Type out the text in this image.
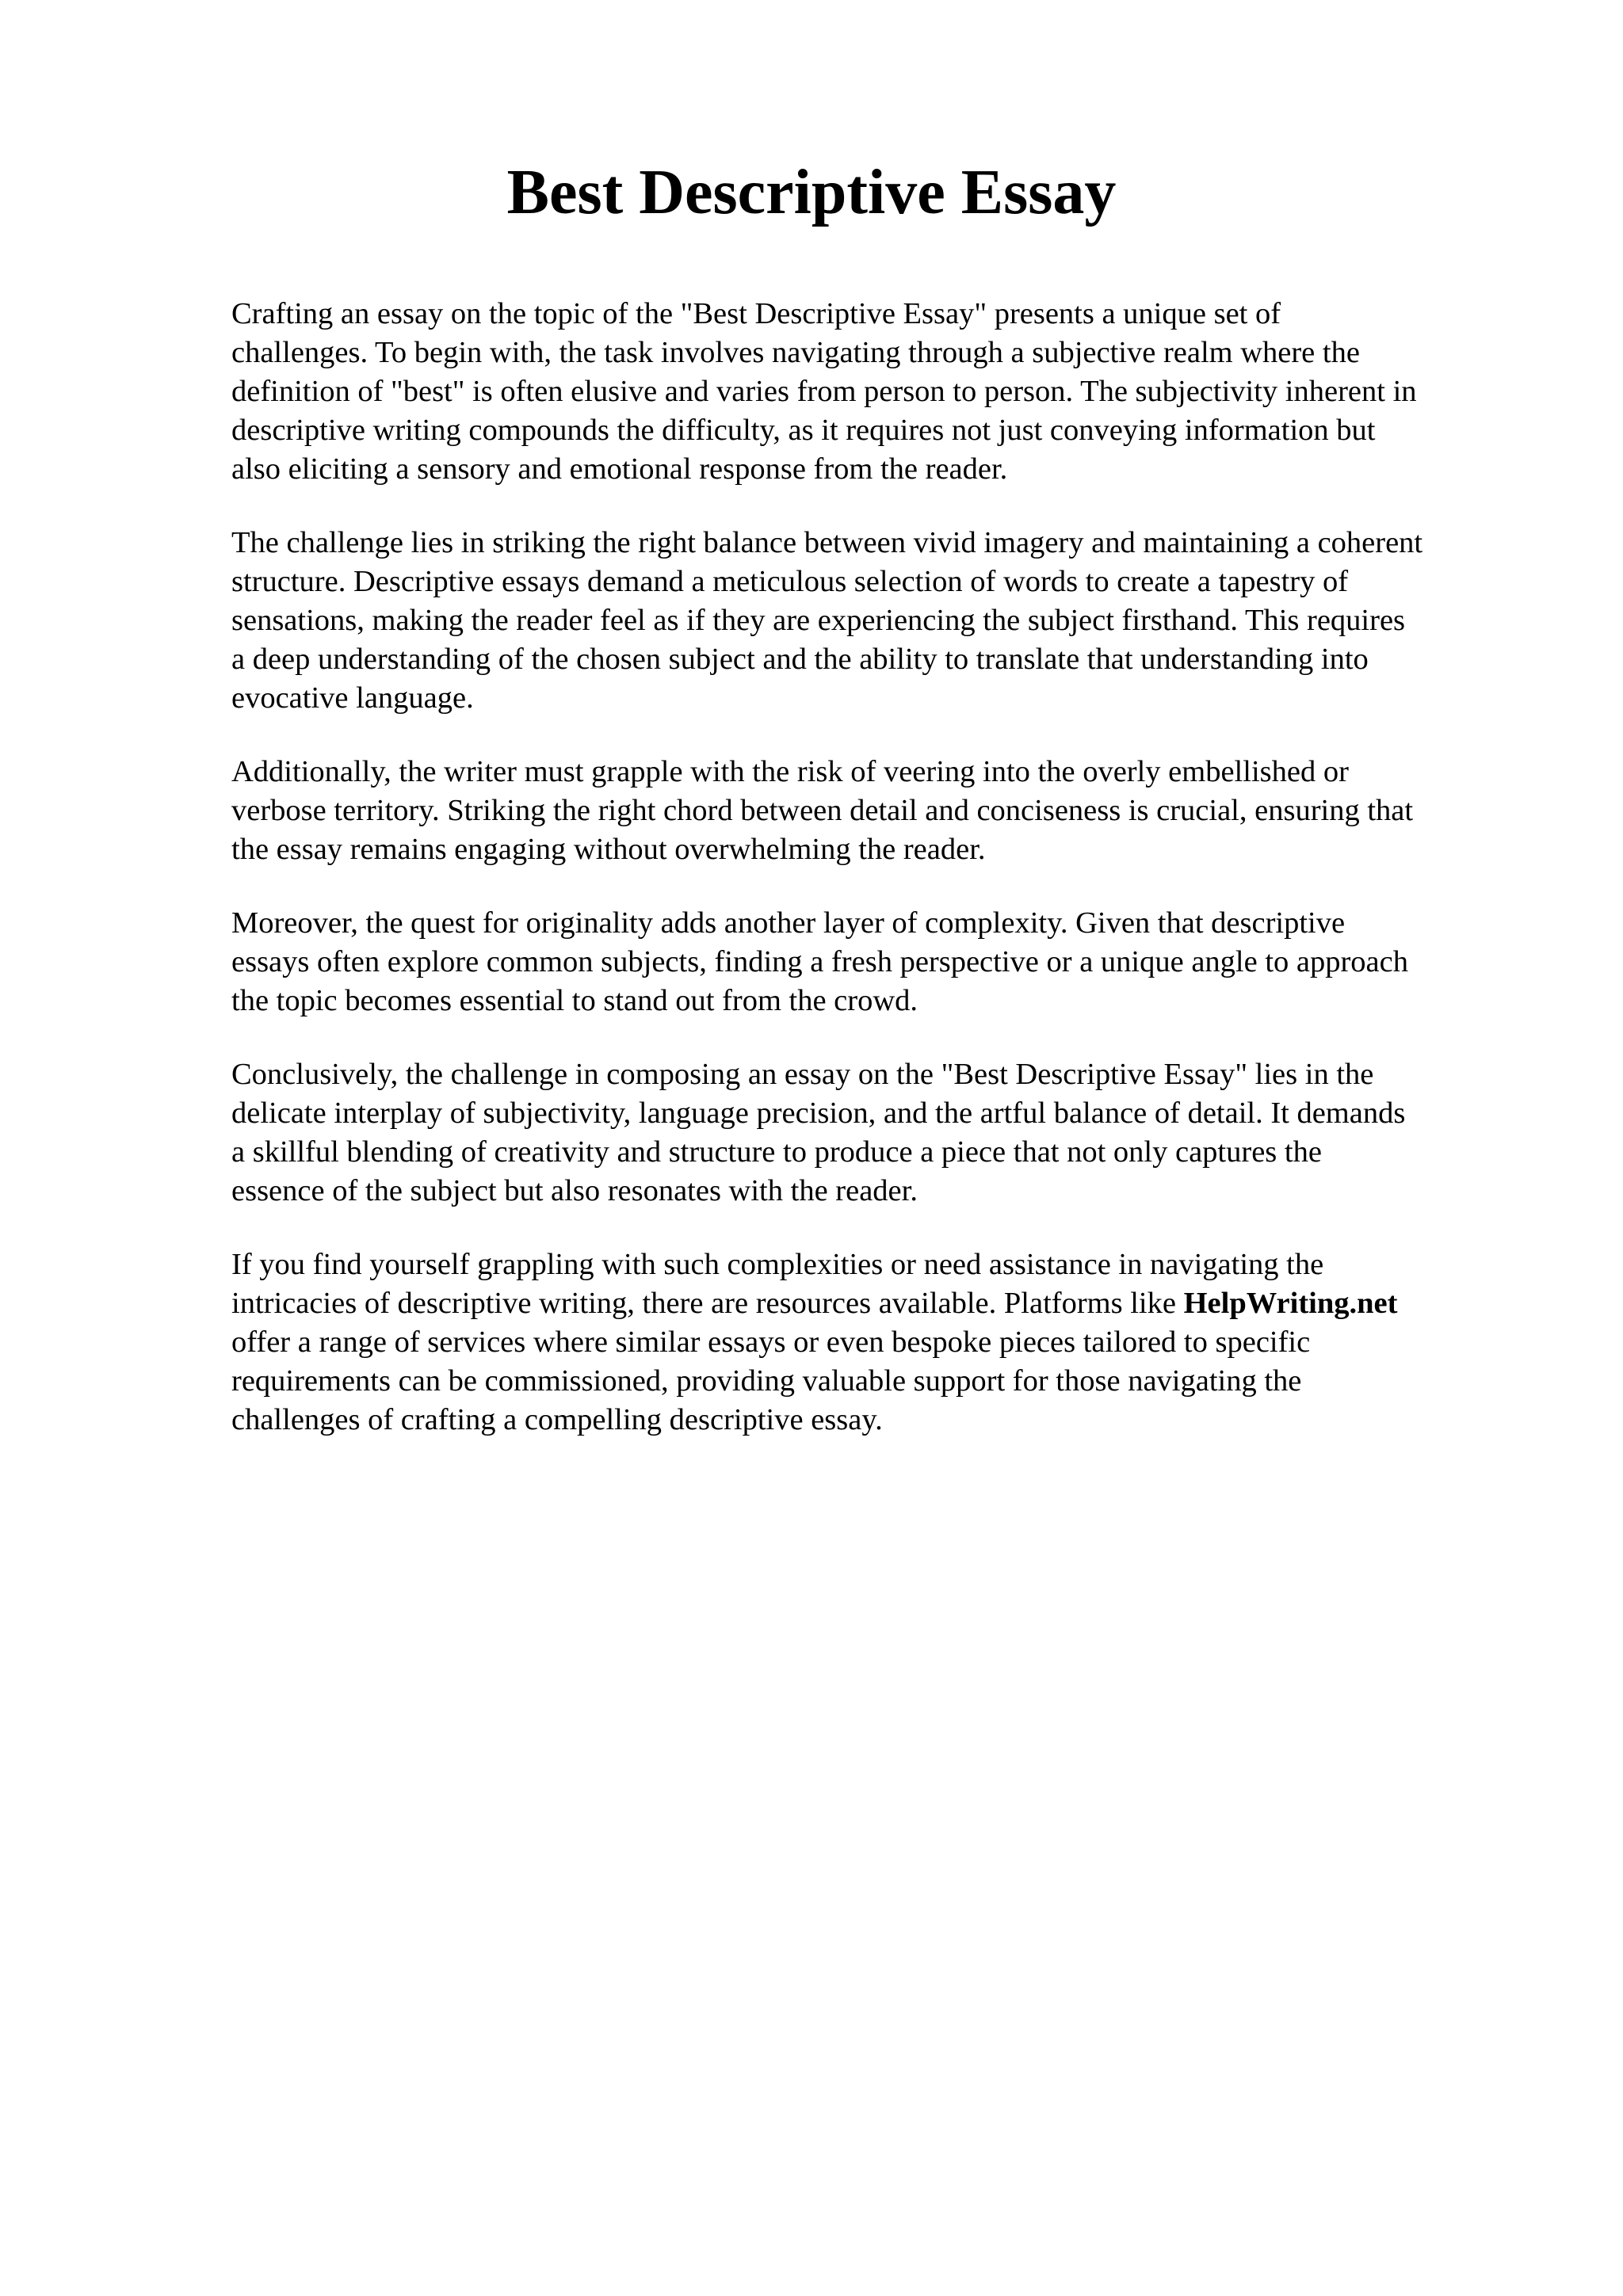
Best Descriptive Essay

Crafting an essay on the topic of the "Best Descriptive Essay" presents a unique set of
challenges. To begin with, the task involves navigating through a subjective realm where the
definition of "best" is often elusive and varies from person to person. The subjectivity inherent in
descriptive writing compounds the difficulty, as it requires not just conveying information but
also eliciting a sensory and emotional response from the reader.

The challenge lies in striking the right balance between vivid imagery and maintaining a coherent
structure. Descriptive essays demand a meticulous selection of words to create a tapestry of
sensations, making the reader feel as if they are experiencing the subject firsthand. This requires
a deep understanding of the chosen subject and the ability to translate that understanding into
evocative language.

Additionally, the writer must grapple with the risk of veering into the overly embellished or
verbose territory. Striking the right chord between detail and conciseness is crucial, ensuring that
the essay remains engaging without overwhelming the reader.

Moreover, the quest for originality adds another layer of complexity. Given that descriptive
essays often explore common subjects, finding a fresh perspective or a unique angle to approach
the topic becomes essential to stand out from the crowd.

Conclusively, the challenge in composing an essay on the "Best Descriptive Essay" lies in the
delicate interplay of subjectivity, language precision, and the artful balance of detail. It demands
a skillful blending of creativity and structure to produce a piece that not only captures the
essence of the subject but also resonates with the reader.

If you find yourself grappling with such complexities or need assistance in navigating the
intricacies of descriptive writing, there are resources available. Platforms like HelpWriting.net
offer a range of services where similar essays or even bespoke pieces tailored to specific
requirements can be commissioned, providing valuable support for those navigating the
challenges of crafting a compelling descriptive essay.
